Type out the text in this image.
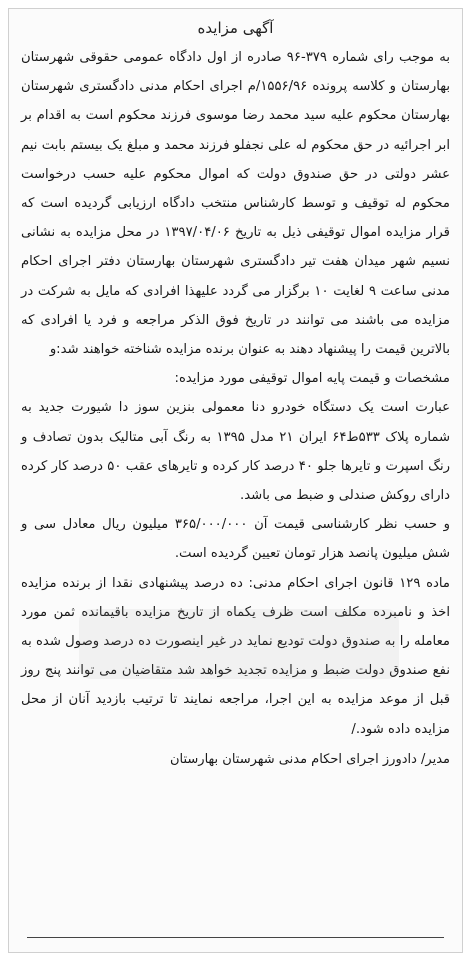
آگهی مزایده

به موجب رای شماره ۳۷۹-۹۶ صادره از اول دادگاه عمومی حقوقی شهرستان بهارستان و کلاسه پرونده ۱۵۵۶/۹۶/م اجرای احکام مدنی دادگستری شهرستان بهارستان محکوم علیه سید محمد رضا موسوی فرزند محکوم است به اقدام بر ابر اجرائیه در حق محکوم له علی نجفلو فرزند محمد و مبلغ یک بیستم بابت نیم عشر دولتی در حق صندوق دولت که اموال محکوم علیه حسب درخواست محکوم له توقیف و توسط کارشناس منتخب دادگاه ارزیابی گردیده است که قرار مزایده اموال توقیفی ذیل به تاریخ ۱۳۹۷/۰۴/۰۶ در محل مزایده به نشانی نسیم شهر میدان هفت تیر دادگستری شهرستان بهارستان دفتر اجرای احکام مدنی ساعت ۹ لغایت ۱۰ برگزار می گردد علیهذا افرادی که مایل به شرکت در مزایده می باشند می توانند در تاریخ فوق الذکر مراجعه و فرد یا افرادی که بالاترین قیمت را پیشنهاد دهند به عنوان برنده مزایده شناخته خواهند شد:و

مشخصات و قیمت پایه اموال توقیفی مورد مزایده:

عبارت است یک دستگاه خودرو دنا معمولی بنزین سوز دا شیورت جدید به شماره پلاک ۵۳۳ط۶۴ ایران ۲۱ مدل ۱۳۹۵ به رنگ آبی متالیک بدون تصادف و رنگ اسپرت و تایرها جلو ۴۰ درصد کار کرده و تایرهای عقب ۵۰ درصد کار کرده دارای روکش صندلی و ضبط می باشد.

و حسب نظر کارشناسی قیمت آن ۳۶۵/۰۰۰/۰۰۰ میلیون ریال معادل سی و شش میلیون پانصد هزار تومان تعیین گردیده است.

ماده ۱۲۹ قانون اجرای احکام مدنی: ده درصد پیشنهادی نقدا از برنده مزایده اخذ و نامبرده مکلف است ظرف یکماه از تاریخ مزایده باقیمانده ثمن مورد معامله را به صندوق دولت تودیع نماید در غیر اینصورت ده درصد وصول شده به نفع صندوق دولت ضبط و مزایده تجدید خواهد شد متقاضیان می توانند پنج روز قبل از موعد مزایده به این اجرا، مراجعه نمایند تا ترتیب بازدید آنان از محل مزایده داده شود./

مدیر/ دادورز اجرای احکام مدنی شهرستان بهارستان
